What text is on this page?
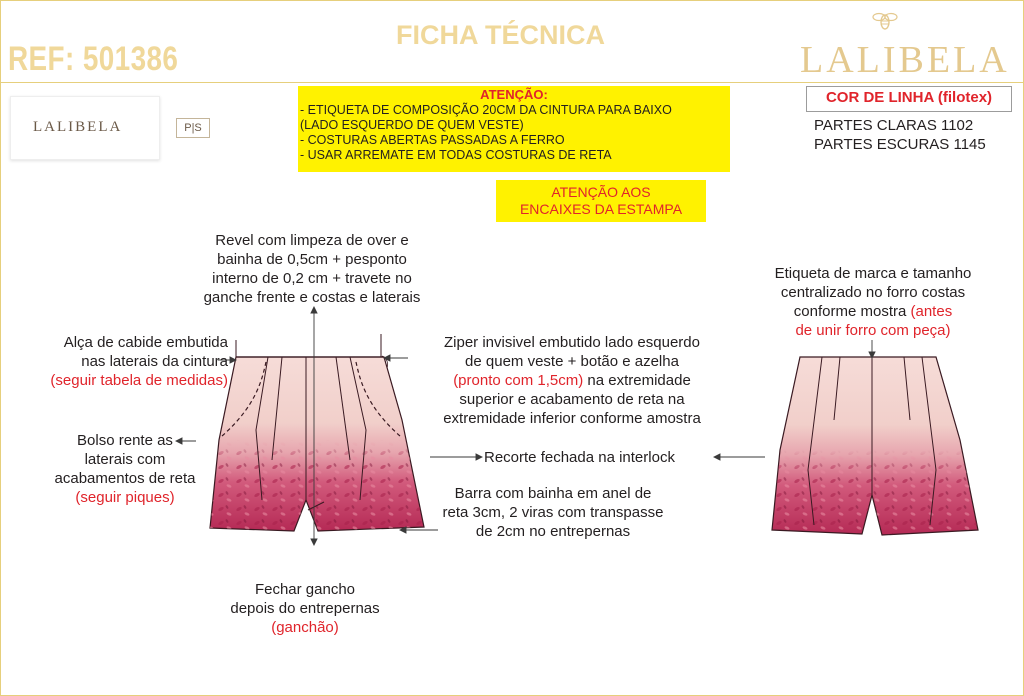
REF: 501386
FICHA TÉCNICA
LALIBELA
LALIBELA	P|S
ATENÇÃO:
- ETIQUETA DE COMPOSIÇÃO 20CM DA CINTURA PARA BAIXO
(LADO ESQUERDO DE QUEM VESTE)
- COSTURAS ABERTAS PASSADAS A FERRO
- USAR ARREMATE EM TODAS COSTURAS DE RETA
ATENÇÃO AOS
ENCAIXES DA ESTAMPA
COR DE LINHA (filotex)
PARTES CLARAS 1102
PARTES ESCURAS 1145
Revel com limpeza de over e
bainha de 0,5cm + pesponto
interno de 0,2 cm + travete no
ganche frente e costas e laterais
Alça de cabide embutida
nas laterais da cintura
(seguir tabela de medidas)
Bolso rente as
laterais com
acabamentos de reta
(seguir piques)
Ziper invisivel embutido lado esquerdo
de quem veste + botão e azelha
(pronto com 1,5cm) na extremidade
superior e acabamento de reta na
extremidade inferior conforme amostra
Recorte fechada na interlock
Barra com bainha em anel de
reta 3cm, 2 viras com transpasse
de 2cm no entrepernas
Fechar gancho
depois do entrepernas
(ganchão)
Etiqueta de marca e tamanho
centralizado no forro costas
conforme mostra (antes
de unir forro com peça)
